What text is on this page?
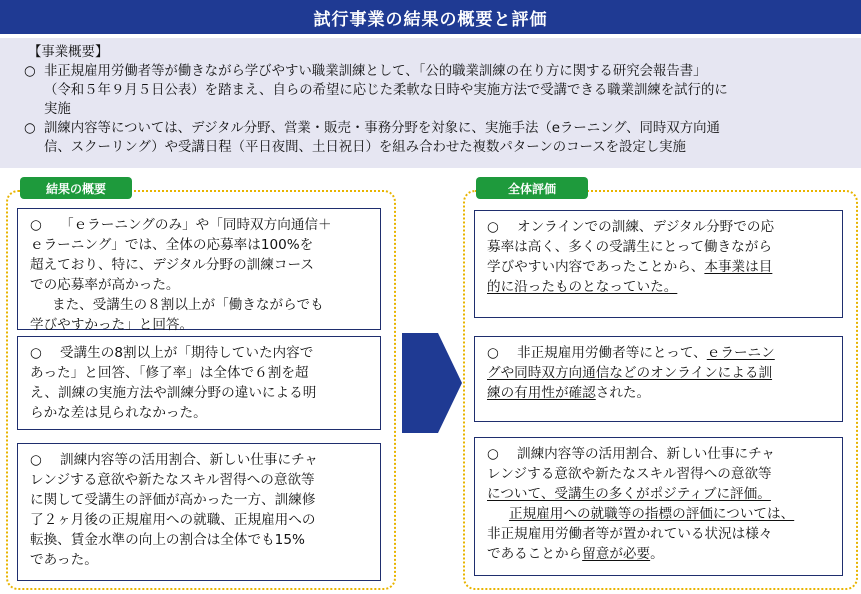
試行事業の結果の概要と評価
【事業概要】
○ 非正規雇用労働者等が働きながら学びやすい職業訓練として、「公的職業訓練の在り方に関する研究会報告書」
（令和５年９月５日公表）を踏まえ、自らの希望に応じた柔軟な日時や実施方法で受講できる職業訓練を試行的に
実施
○ 訓練内容等については、デジタル分野、営業・販売・事務分野を対象に、実施手法（eラーニング、同時双方向通
信、スクーリング）や受講日程（平日夜間、土日祝日）を組み合わせた複数パターンのコースを設定し実施
結果の概要
○ 「ｅラーニングのみ」や「同時双方向通信＋
ｅラーニング」では、全体の応募率は100%を
超えており、特に、デジタル分野の訓練コース
での応募率が高かった。
また、受講生の８割以上が「働きながらでも
学びやすかった」と回答。
○ 受講生の8割以上が「期待していた内容で
あった」と回答、「修了率」は全体で６割を超
え、訓練の実施方法や訓練分野の違いによる明
らかな差は見られなかった。
○ 訓練内容等の活用割合、新しい仕事にチャ
レンジする意欲や新たなスキル習得への意欲等
に関して受講生の評価が高かった一方、訓練修
了２ヶ月後の正規雇用への就職、正規雇用への
転換、賃金水準の向上の割合は全体でも15%
であった。
全体評価
○ オンラインでの訓練、デジタル分野での応
募率は高く、多くの受講生にとって働きながら
学びやすい内容であったことから、本事業は目
的に沿ったものとなっていた。
○ 非正規雇用労働者等にとって、ｅラーニン
グや同時双方向通信などのオンラインによる訓
練の有用性が確認された。
○ 訓練内容等の活用割合、新しい仕事にチャ
レンジする意欲や新たなスキル習得への意欲等
について、受講生の多くがポジティブに評価。
正規雇用への就職等の指標の評価については、
非正規雇用労働者等が置かれている状況は様々
であることから留意が必要。
